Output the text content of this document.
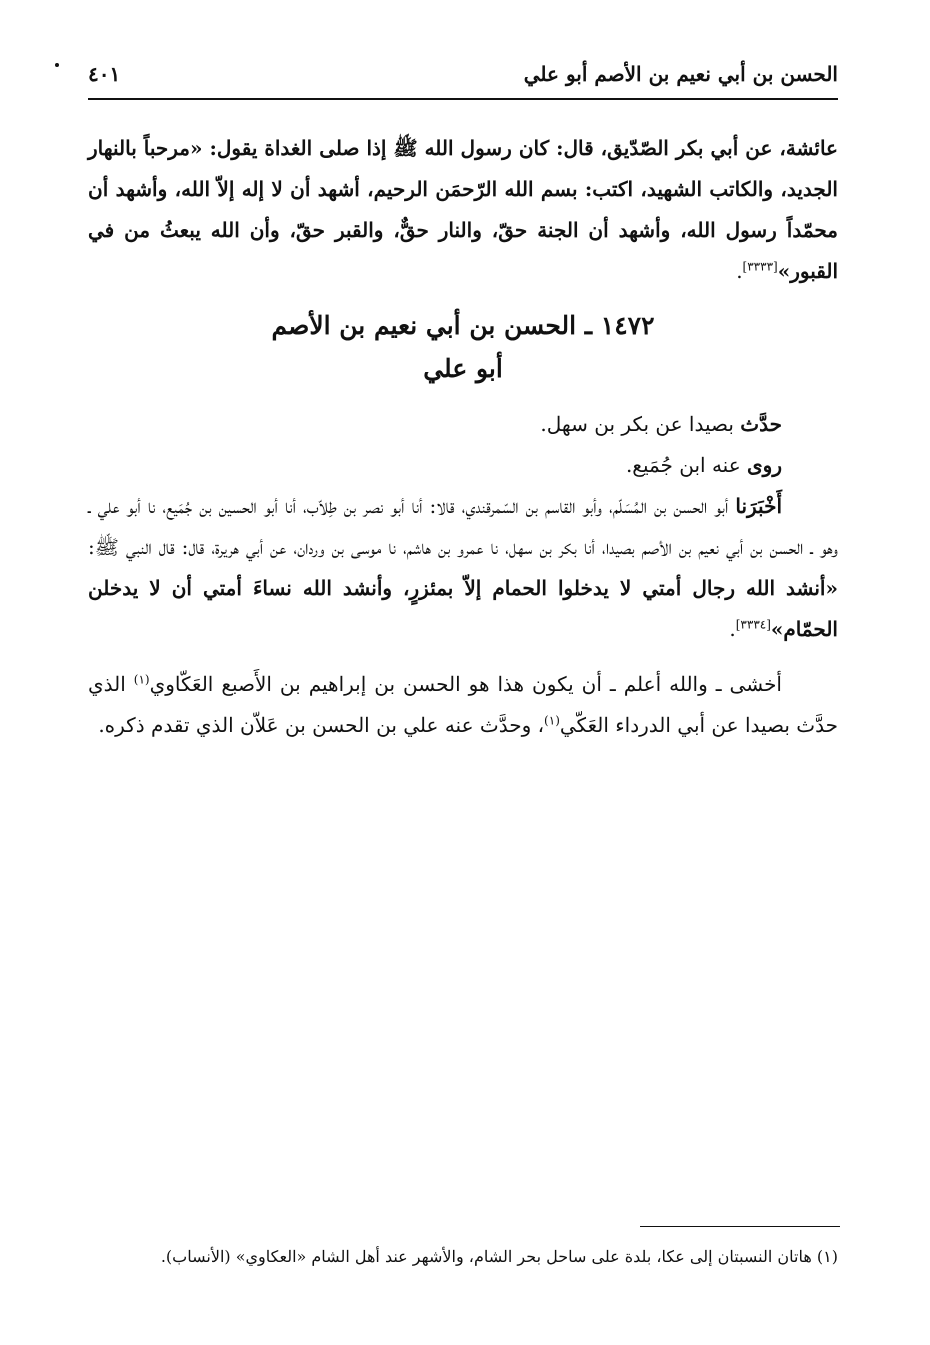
الحسن بن أبي نعيم بن الأصم أبو علي
٤٠١

عائشة، عن أبي بكر الصّدّيق، قال: كان رسول الله ﷺ إذا صلى الغداة يقول: «مرحباً بالنهار الجديد، والكاتب الشهيد، اكتب: بسم الله الرّحمَن الرحيم، أشهد أن لا إله إلاّ الله، وأشهد أن محمّداً رسول الله، وأشهد أن الجنة حقّ، والنار حقٌّ، والقبر حقّ، وأن الله يبعثُ من في القبور»[٣٣٣٣].

١٤٧٢ ـ الحسن بن أبي نعيم بن الأصم
أبو علي

حدَّث بصيدا عن بكر بن سهل.

روى عنه ابن جُمَيع.

أَخْبَرَنا أبو الحسن بن المُسَلّم، وأبو القاسم بن السّمرقندي، قالا: أنا أبو نصر بن طِلاّب، أنا أبو الحسين بن جُمَيع، نا أبو علي ـ وهو ـ الحسن بن أبي نعيم بن الأصم بصيدا، أنا بكر بن سهل، نا عمرو بن هاشم، نا موسى بن وردان، عن أبي هريرة، قال: قال النبي ﷺ: «أنشد الله رجال أمتي لا يدخلوا الحمام إلاّ بمئزرٍ، وأنشد الله نساءَ أمتي أن لا يدخلن الحمّام»[٣٣٣٤].

أخشى ـ والله أعلم ـ أن يكون هذا هو الحسن بن إبراهيم بن الأَصبع العَكّاوي$^{(١)}$ الذي حدَّث بصيدا عن أبي الدرداء العَكّي$^{(١)}$، وحدَّث عنه علي بن الحسن بن عَلاّن الذي تقدم ذكره.

(١) هاتان النسبتان إلى عكا، بلدة على ساحل بحر الشام، والأشهر عند أهل الشام «العكاوي» (الأنساب).
